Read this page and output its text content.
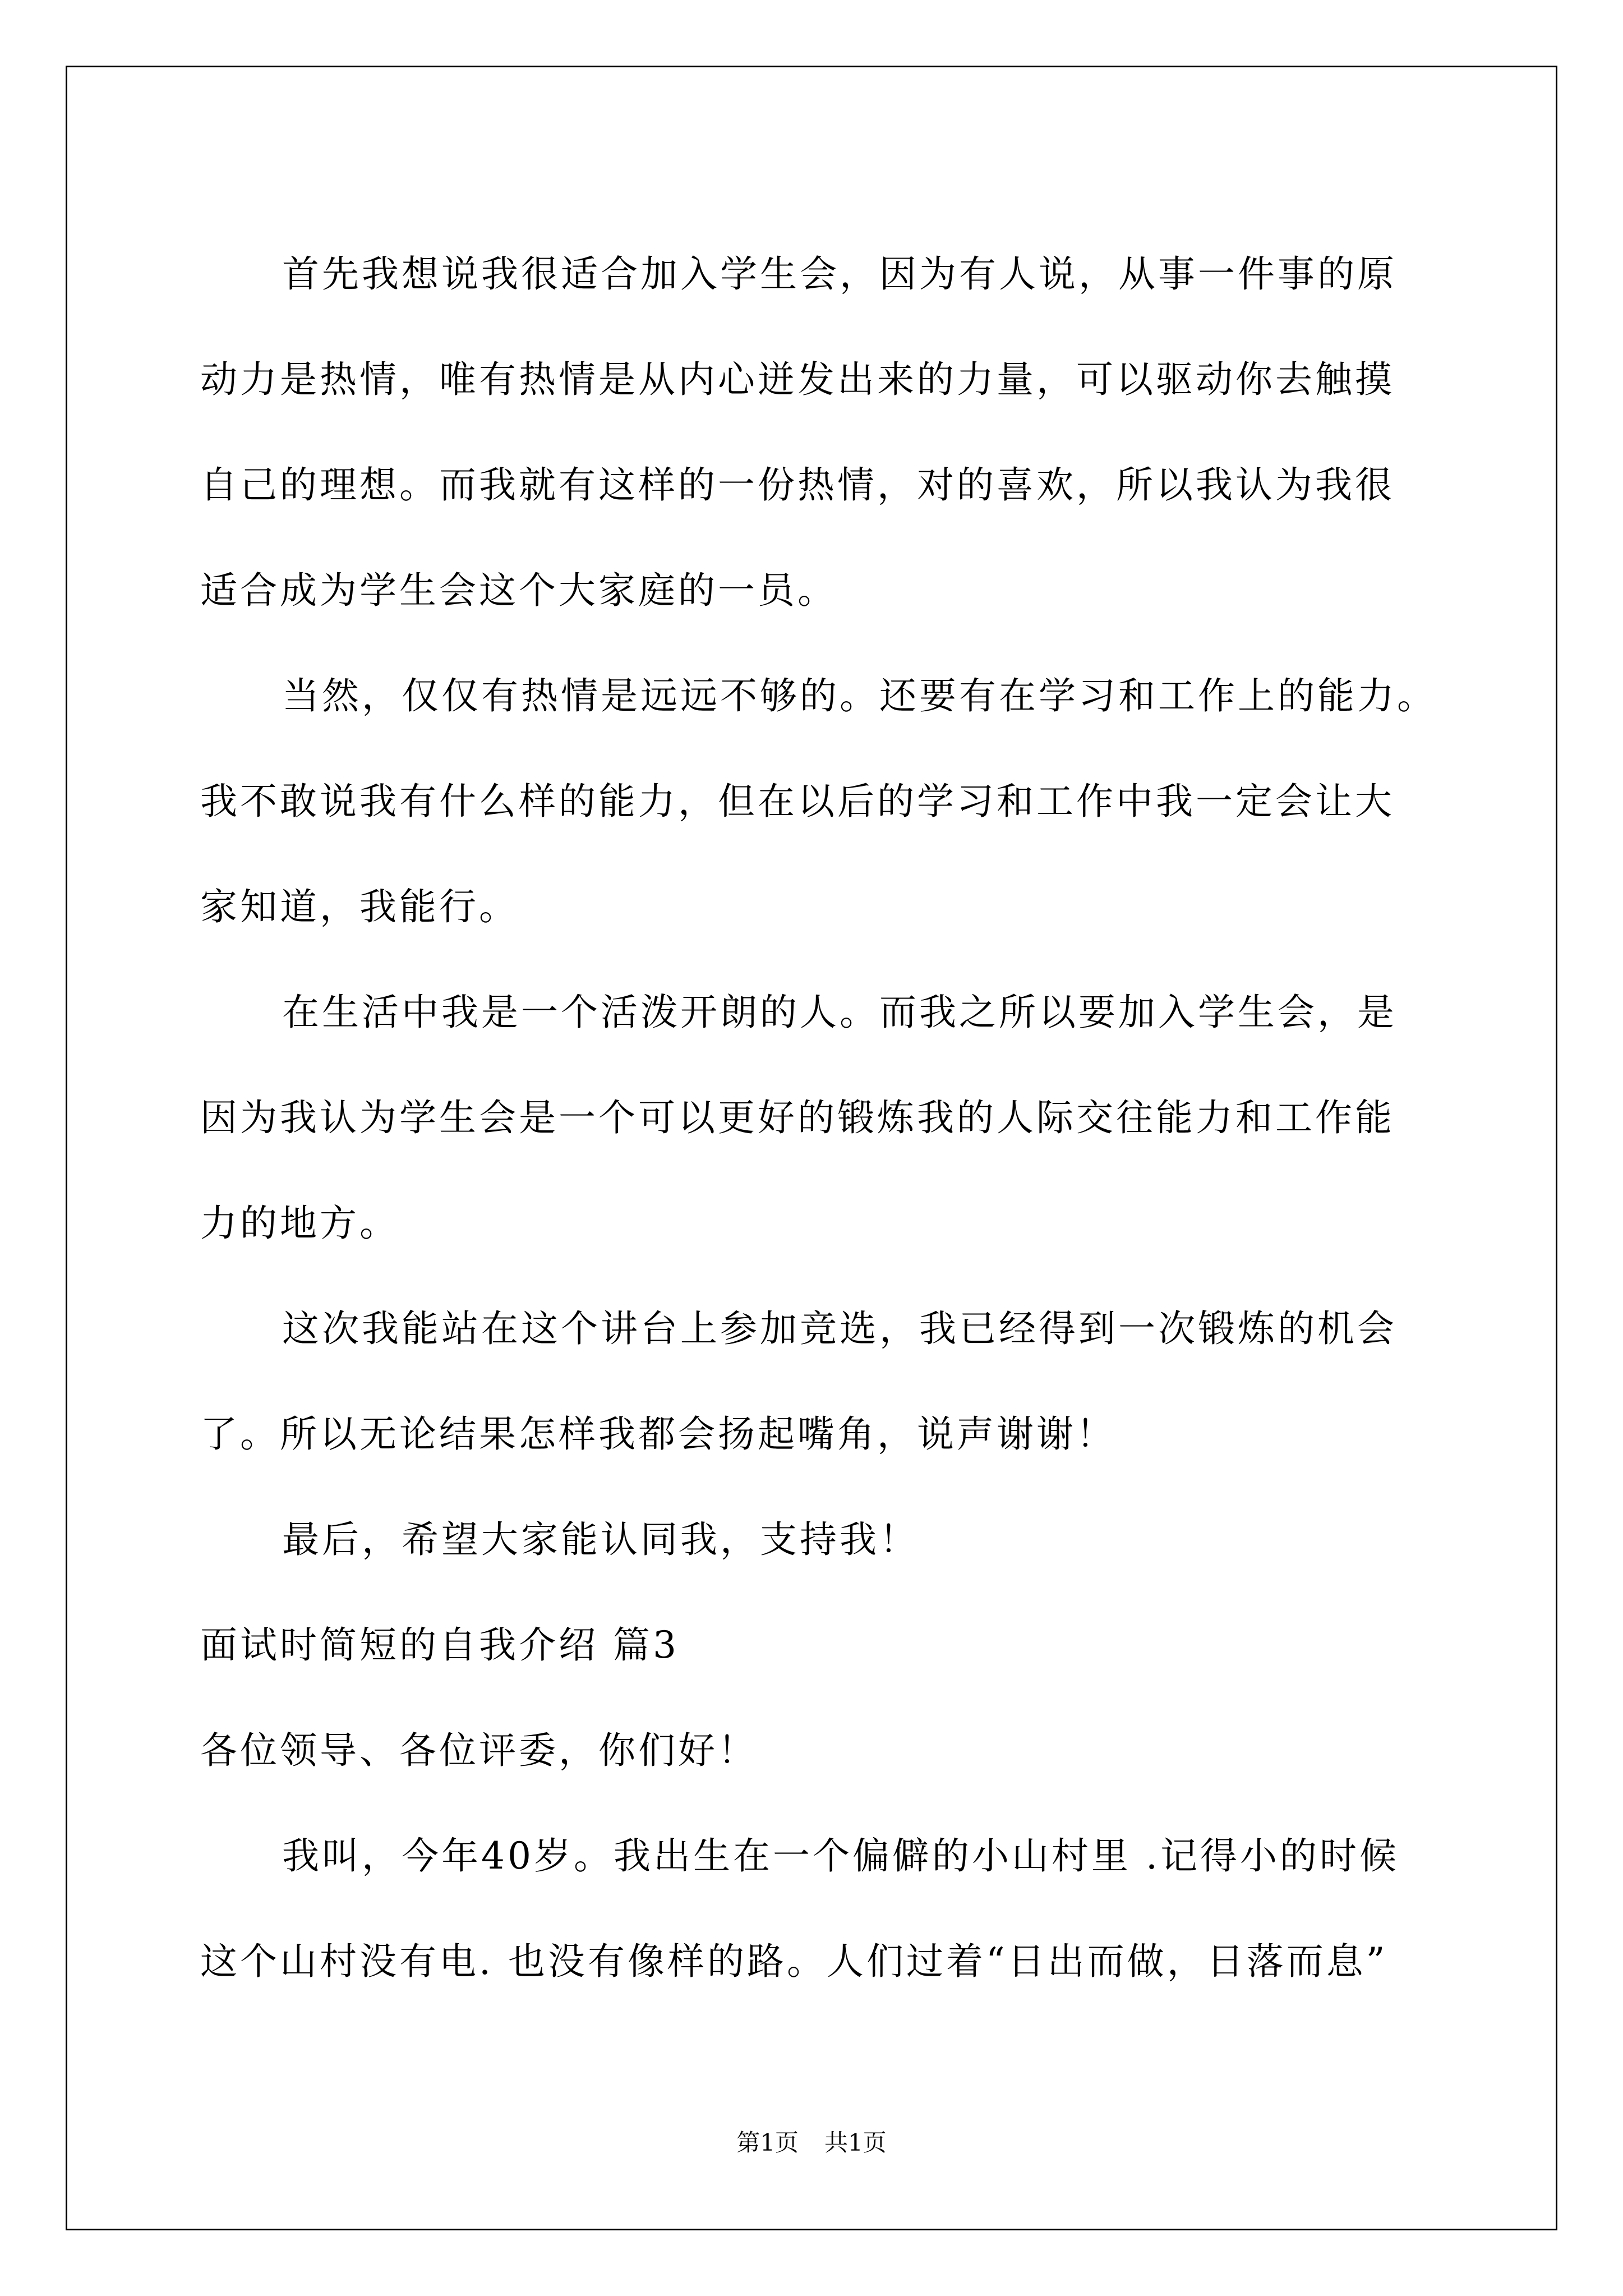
首先我想说我很适合加入学生会，因为有人说，从事一件事的原
动力是热情，唯有热情是从内心迸发出来的力量，可以驱动你去触摸
自己的理想。而我就有这样的一份热情，对的喜欢，所以我认为我很
适合成为学生会这个大家庭的一员。
当然，仅仅有热情是远远不够的。还要有在学习和工作上的能力。
我不敢说我有什么样的能力，但在以后的学习和工作中我一定会让大
家知道，我能行。
在生活中我是一个活泼开朗的人。而我之所以要加入学生会，是
因为我认为学生会是一个可以更好的锻炼我的人际交往能力和工作能
力的地方。
这次我能站在这个讲台上参加竞选，我已经得到一次锻炼的机会
了。所以无论结果怎样我都会扬起嘴角，说声谢谢！
最后，希望大家能认同我，支持我！
面试时简短的自我介绍 篇3
各位领导、各位评委，你们好！
我叫，今年40岁。我出生在一个偏僻的小山村里 .记得小的时候
这个山村没有电. 也没有像样的路。人们过着“日出而做，日落而息”
第1页 共1页
